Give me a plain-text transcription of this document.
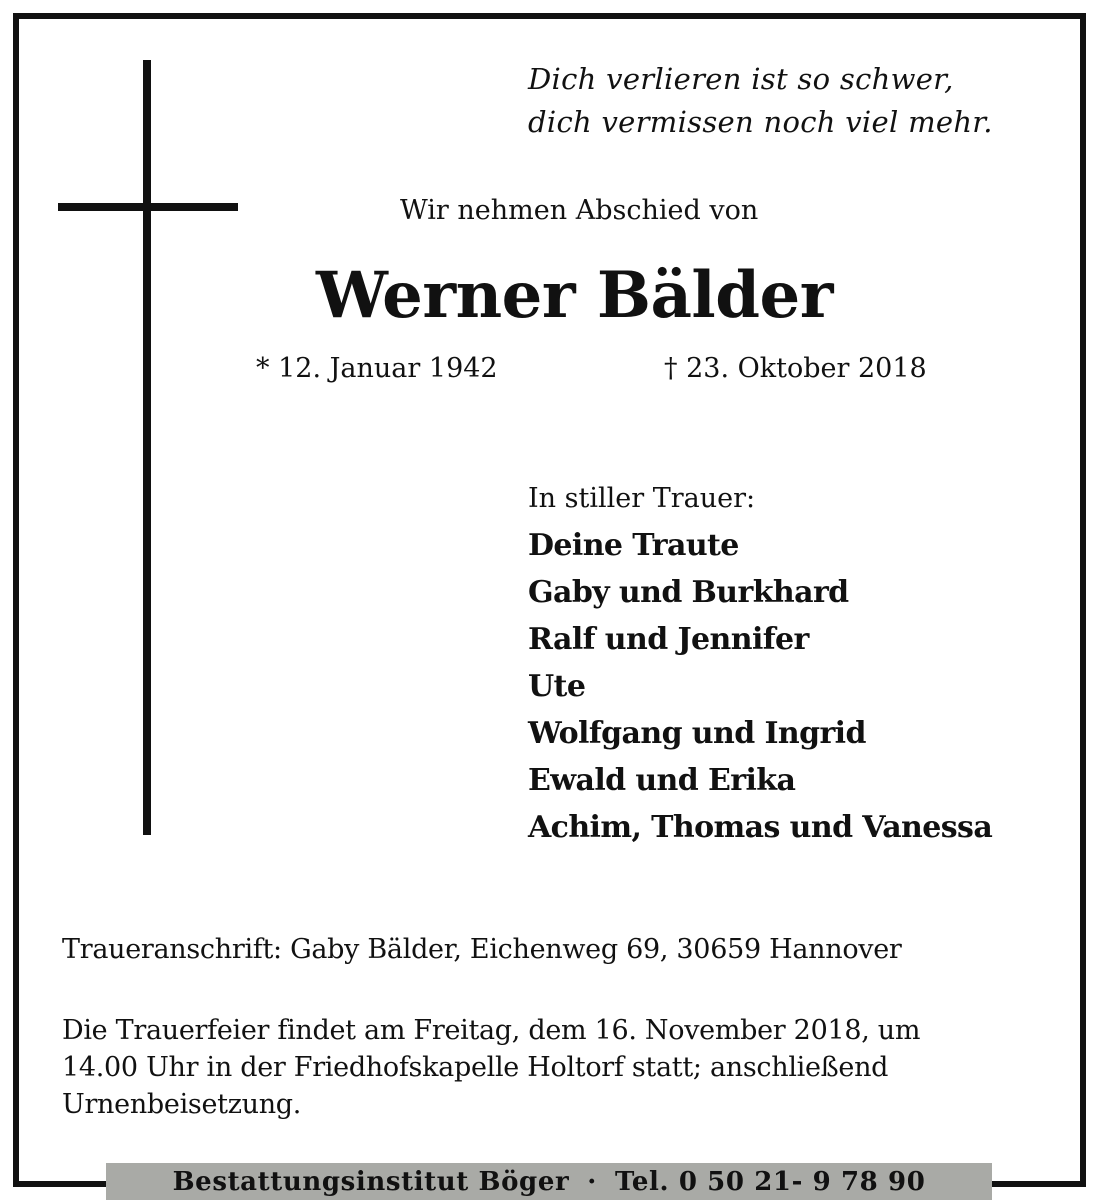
Dich verlieren ist so schwer,
dich vermissen noch viel mehr.
Wir nehmen Abschied von
Werner Bälder
* 12. Januar 1942	† 23. Oktober 2018
In stiller Trauer:
Deine Traute
Gaby und Burkhard
Ralf und Jennifer
Ute
Wolfgang und Ingrid
Ewald und Erika
Achim, Thomas und Vanessa
Traueranschrift: Gaby Bälder, Eichenweg 69, 30659 Hannover
Die Trauerfeier findet am Freitag, dem 16. November 2018, um
14.00 Uhr in der Friedhofskapelle Holtorf statt; anschließend
Urnenbeisetzung.
Bestattungsinstitut Böger · Tel. 0 50 21- 9 78 90
